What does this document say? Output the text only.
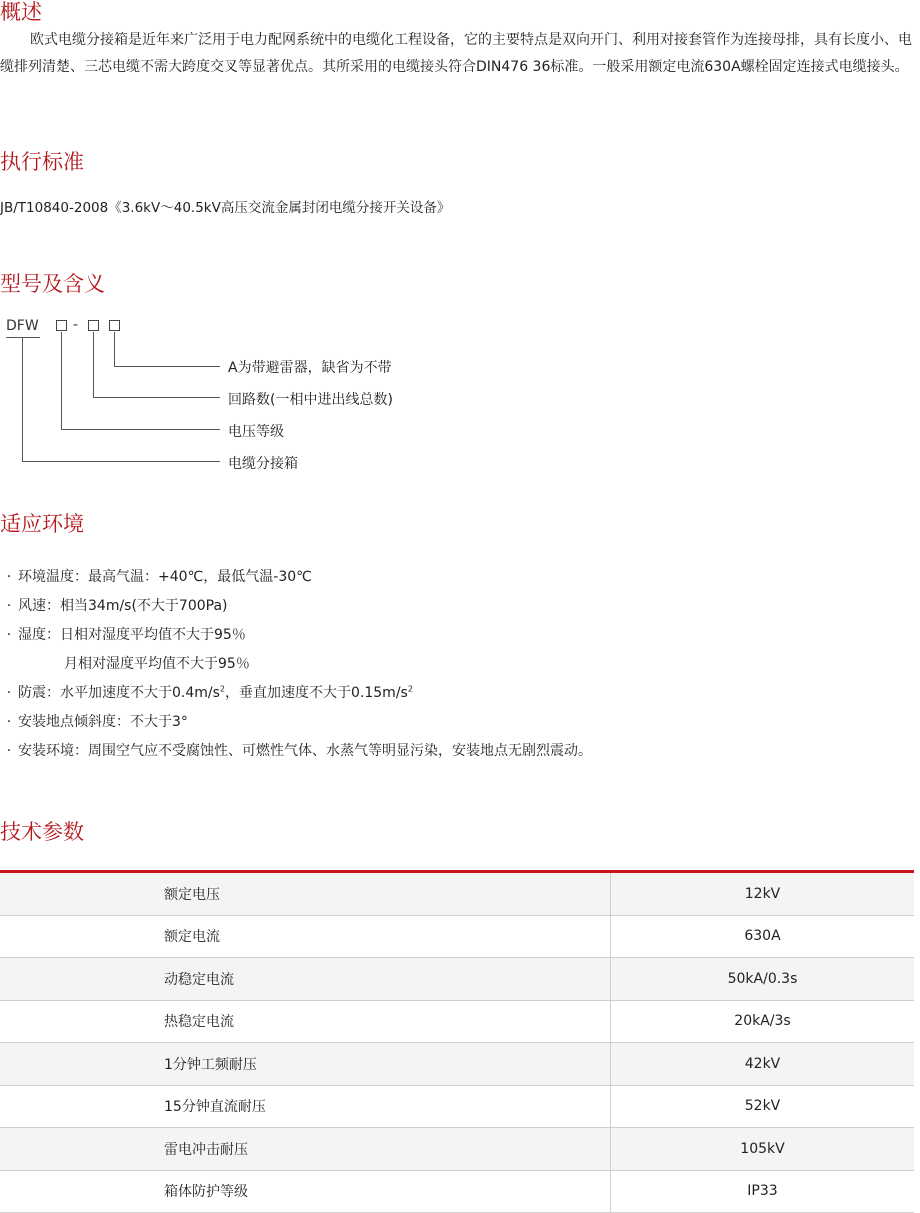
概述
欧式电缆分接箱是近年来广泛用于电力配网系统中的电缆化工程设备，它的主要特点是双向开门、利用对接套管作为连接母排，具有长度小、电缆排列清楚、三芯电缆不需大跨度交叉等显著优点。其所采用的电缆接头符合DIN476 36标准。一般采用额定电流630A螺栓固定连接式电缆接头。
执行标准
JB/T10840-2008《3.6kV～40.5kV高压交流金属封闭电缆分接开关设备》
型号及含义
DFW -
A为带避雷器，缺省为不带
回路数(一相中进出线总数)
电压等级
电缆分接箱
适应环境
· 环境温度：最高气温：+40℃，最低气温-30℃
· 风速：相当34m/s(不大于700Pa)
· 湿度：日相对湿度平均值不大于95％
月相对湿度平均值不大于95％
· 防震：水平加速度不大于$0.4m/s^2$，垂直加速度不大于$0.15m/s^2$
· 安装地点倾斜度：不大于3°
· 安装环境：周围空气应不受腐蚀性、可燃性气体、水蒸气等明显污染，安装地点无剧烈震动。
技术参数
额定电压	12kV
额定电流	630A
动稳定电流	50kA/0.3s
热稳定电流	20kA/3s
1分钟工频耐压	42kV
15分钟直流耐压	52kV
雷电冲击耐压	105kV
箱体防护等级	IP33
